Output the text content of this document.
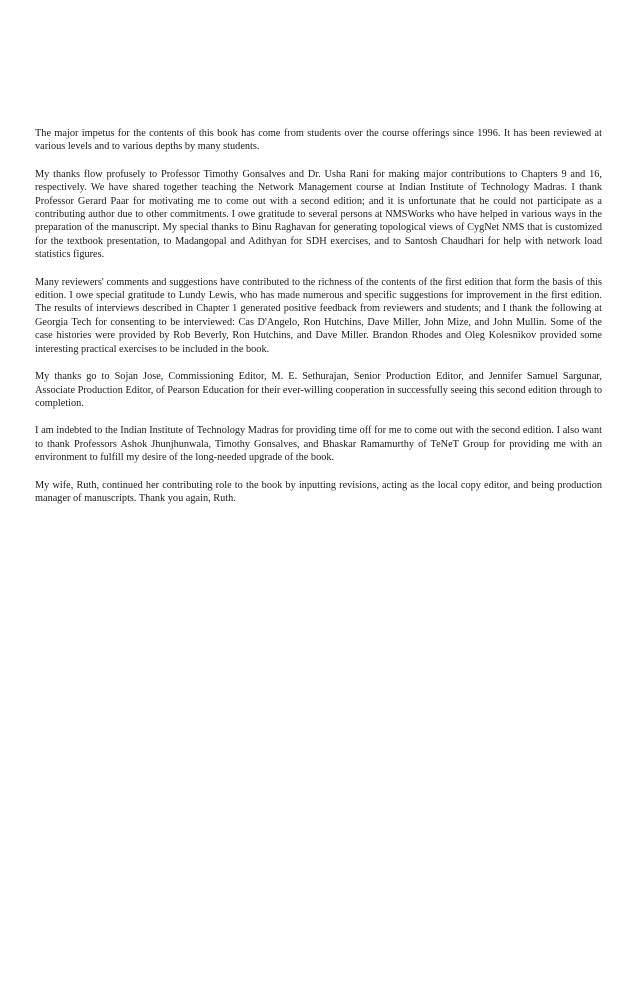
The major impetus for the contents of this book has come from students over the course offerings since 1996. It has been reviewed at various levels and to various depths by many students.

My thanks flow profusely to Professor Timothy Gonsalves and Dr. Usha Rani for making major contributions to Chapters 9 and 16, respectively. We have shared together teaching the Network Management course at Indian Institute of Technology Madras. I thank Professor Gerard Paar for motivating me to come out with a second edition; and it is unfortunate that he could not participate as a contributing author due to other commitments. I owe gratitude to several persons at NMSWorks who have helped in various ways in the preparation of the manuscript. My special thanks to Binu Raghavan for generating topological views of CygNet NMS that is customized for the textbook presentation, to Madangopal and Adithyan for SDH exercises, and to Santosh Chaudhari for help with network load statistics figures.

Many reviewers' comments and suggestions have contributed to the richness of the contents of the first edition that form the basis of this edition. I owe special gratitude to Lundy Lewis, who has made numerous and specific suggestions for improvement in the first edition. The results of interviews described in Chapter 1 generated positive feedback from reviewers and students; and I thank the following at Georgia Tech for consenting to be interviewed: Cas D'Angelo, Ron Hutchins, Dave Miller, John Mize, and John Mullin. Some of the case histories were provided by Rob Beverly, Ron Hutchins, and Dave Miller. Brandon Rhodes and Oleg Kolesnikov provided some interesting practical exercises to be included in the book.

My thanks go to Sojan Jose, Commissioning Editor, M. E. Sethurajan, Senior Production Editor, and Jennifer Samuel Sargunar, Associate Production Editor, of Pearson Education for their ever-willing cooperation in successfully seeing this second edition through to completion.

I am indebted to the Indian Institute of Technology Madras for providing time off for me to come out with the second edition. I also want to thank Professors Ashok Jhunjhunwala, Timothy Gonsalves, and Bhaskar Ramamurthy of TeNeT Group for providing me with an environment to fulfill my desire of the long-needed upgrade of the book.

My wife, Ruth, continued her contributing role to the book by inputting revisions, acting as the local copy editor, and being production manager of manuscripts. Thank you again, Ruth.
